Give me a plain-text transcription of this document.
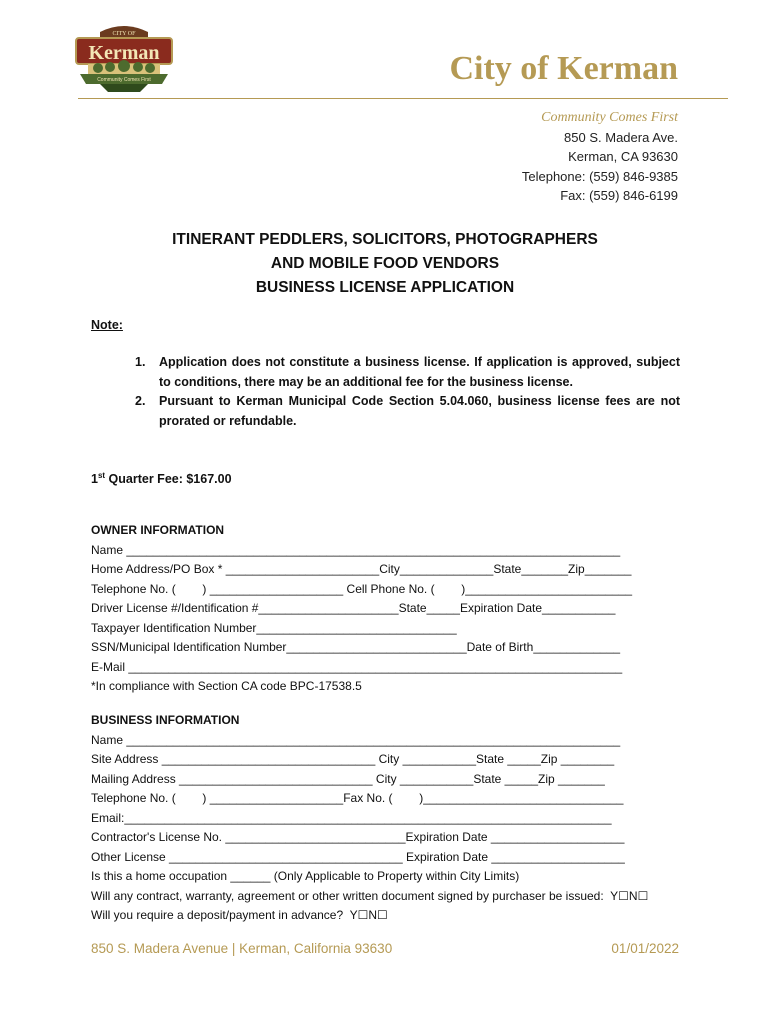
CITY OF
Kerman
Community Comes First	City of Kerman
Community Comes First
850 S. Madera Ave.
Kerman, CA 93630
Telephone: (559) 846-9385
Fax: (559) 846-6199
ITINERANT PEDDLERS, SOLICITORS, PHOTOGRAPHERS
AND MOBILE FOOD VENDORS
BUSINESS LICENSE APPLICATION
Note:
1. Application does not constitute a business license. If application is approved, subject to conditions, there may be an additional fee for the business license.
2. Pursuant to Kerman Municipal Code Section 5.04.060, business license fees are not prorated or refundable.
1st Quarter Fee: $167.00
OWNER INFORMATION
Name __________________________________________________________________________
Home Address/PO Box * _______________________City______________State_______Zip_______
Telephone No. (        ) ____________________ Cell Phone No. (        )_________________________
Driver License #/Identification #_____________________State_____Expiration Date___________
Taxpayer Identification Number______________________________
SSN/Municipal Identification Number___________________________Date of Birth_____________
E-Mail __________________________________________________________________________
*In compliance with Section CA code BPC-17538.5
BUSINESS INFORMATION
Name __________________________________________________________________________
Site Address ________________________________ City ___________State _____Zip ________
Mailing Address _____________________________ City ___________State _____Zip _______
Telephone No. (        ) ____________________Fax No. (        )______________________________
Email:_________________________________________________________________________
Contractor's License No. ___________________________Expiration Date ____________________
Other License ___________________________________ Expiration Date ____________________
Is this a home occupation ______ (Only Applicable to Property within City Limits)
Will any contract, warranty, agreement or other written document signed by purchaser be issued:  Y☐N☐
Will you require a deposit/payment in advance?  Y☐N☐
850 S. Madera Avenue | Kerman, California 93630	01/01/2022
